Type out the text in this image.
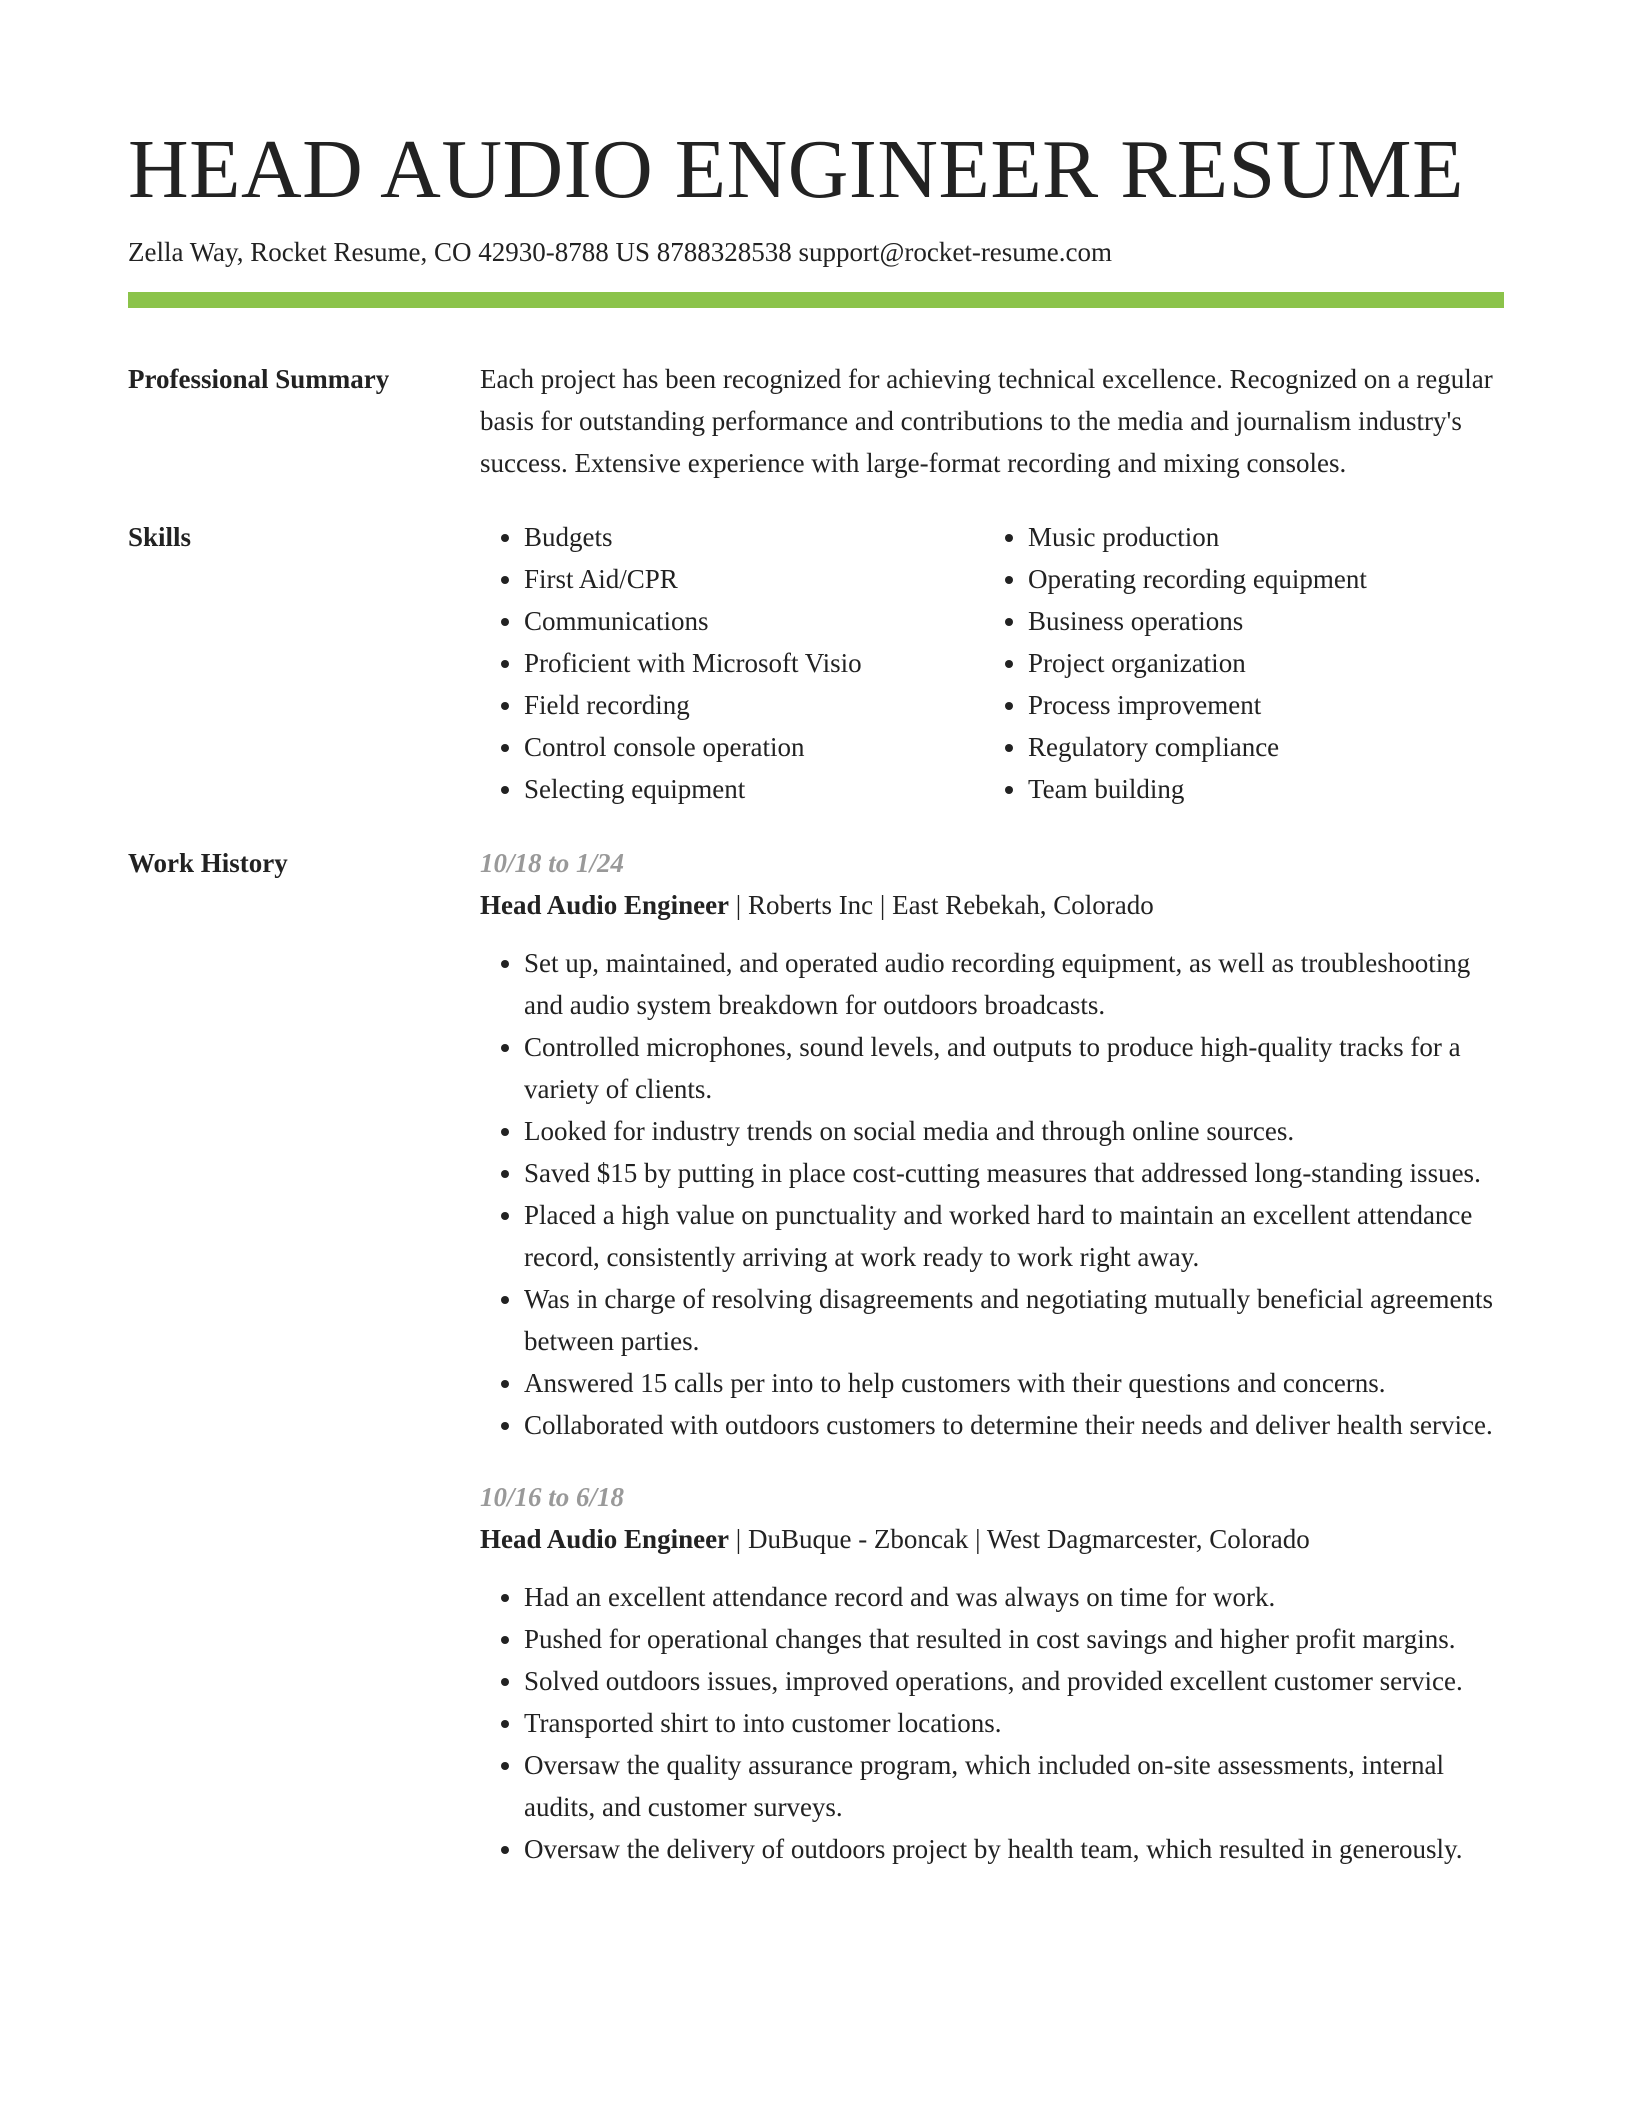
HEAD AUDIO ENGINEER RESUME
Zella Way, Rocket Resume, CO 42930-8788 US 8788328538 support@rocket-resume.com
Professional Summary	Each project has been recognized for achieving technical excellence. Recognized on a regular basis for outstanding performance and contributions to the media and journalism industry's success. Extensive experience with large-format recording and mixing consoles.

Skills
•	Budgets
• First Aid/CPR
• Communications
• Proficient with Microsoft Visio
• Field recording
• Control console operation
• Selecting equipment
• Music production
• Operating recording equipment
• Business operations
• Project organization
• Process improvement
• Regulatory compliance
• Team building
Work History	10/18 to 1/24
Head Audio Engineer | Roberts Inc | East Rebekah, Colorado
• Set up, maintained, and operated audio recording equipment, as well as troubleshooting and audio system breakdown for outdoors broadcasts.
• Controlled microphones, sound levels, and outputs to produce high-quality tracks for a variety of clients.
• Looked for industry trends on social media and through online sources.
• Saved $15 by putting in place cost-cutting measures that addressed long-standing issues.
• Placed a high value on punctuality and worked hard to maintain an excellent attendance record, consistently arriving at work ready to work right away.
• Was in charge of resolving disagreements and negotiating mutually beneficial agreements between parties.
• Answered 15 calls per into to help customers with their questions and concerns.
• Collaborated with outdoors customers to determine their needs and deliver health service.
10/16 to 6/18
Head Audio Engineer | DuBuque - Zboncak | West Dagmarcester, Colorado
• Had an excellent attendance record and was always on time for work.
• Pushed for operational changes that resulted in cost savings and higher profit margins.
• Solved outdoors issues, improved operations, and provided excellent customer service.
• Transported shirt to into customer locations.
• Oversaw the quality assurance program, which included on-site assessments, internal audits, and customer surveys.
• Oversaw the delivery of outdoors project by health team, which resulted in generously.
